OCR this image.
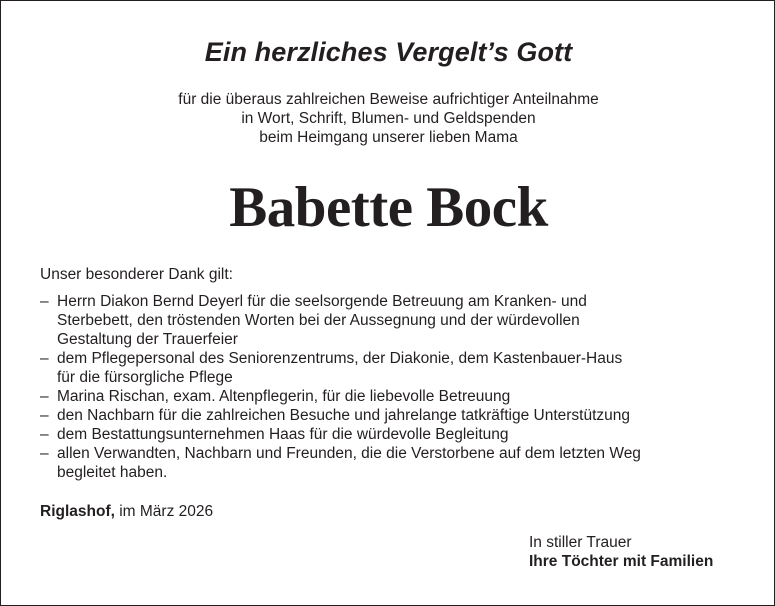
Ein herzliches Vergelt’s Gott
für die überaus zahlreichen Beweise aufrichtiger Anteilnahme
in Wort, Schrift, Blumen- und Geldspenden
beim Heimgang unserer lieben Mama
Babette Bock
Unser besonderer Dank gilt:
– Herrn Diakon Bernd Deyerl für die seelsorgende Betreuung am Kranken- und
Sterbebett, den tröstenden Worten bei der Aussegnung und der würdevollen
Gestaltung der Trauerfeier
– dem Pflegepersonal des Seniorenzentrums, der Diakonie, dem Kastenbauer-Haus
für die fürsorgliche Pflege
– Marina Rischan, exam. Altenpflegerin, für die liebevolle Betreuung
– den Nachbarn für die zahlreichen Besuche und jahrelange tatkräftige Unterstützung
– dem Bestattungsunternehmen Haas für die würdevolle Begleitung
– allen Verwandten, Nachbarn und Freunden, die die Verstorbene auf dem letzten Weg
begleitet haben.
Riglashof, im März 2026
In stiller Trauer
Ihre Töchter mit Familien
